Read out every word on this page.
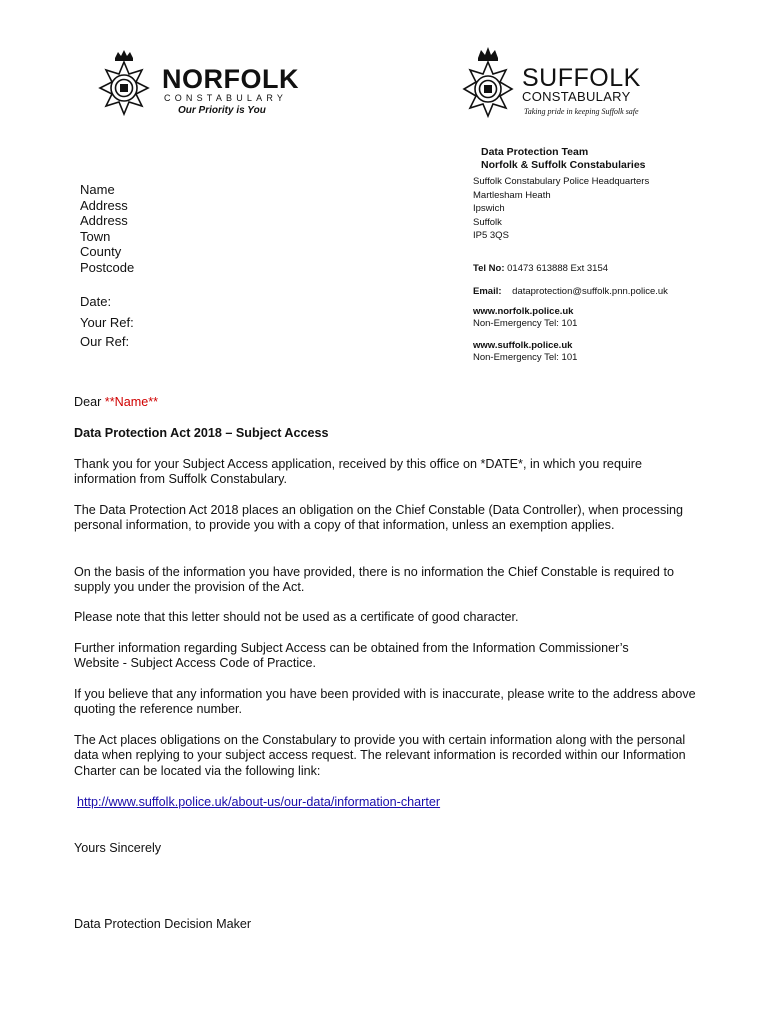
NORFOLK
CONSTABULARY
Our Priority is You
SUFFOLK
CONSTABULARY
Taking pride in keeping Suffolk safe
Data Protection Team
Norfolk & Suffolk Constabularies
Suffolk Constabulary Police Headquarters
Martlesham Heath
Ipswich
Suffolk
IP5 3QS
Tel No: 01473 613888 Ext 3154
Email: dataprotection@suffolk.pnn.police.uk
www.norfolk.police.uk
Non-Emergency Tel: 101
www.suffolk.police.uk
Non-Emergency Tel: 101
Name
Address
Address
Town
County
Postcode
Date:
Your Ref:
Our Ref:
Dear **Name**
Data Protection Act 2018 – Subject Access

Thank you for your Subject Access application, received by this office on *DATE*, in which you require information from Suffolk Constabulary.

The Data Protection Act 2018 places an obligation on the Chief Constable (Data Controller), when processing personal information, to provide you with a copy of that information, unless an exemption applies.

On the basis of the information you have provided, there is no information the Chief Constable is required to supply you under the provision of the Act.

Please note that this letter should not be used as a certificate of good character.

Further information regarding Subject Access can be obtained from the Information Commissioner’s Website - Subject Access Code of Practice.

If you believe that any information you have been provided with is inaccurate, please write to the address above quoting the reference number.

The Act places obligations on the Constabulary to provide you with certain information along with the personal data when replying to your subject access request. The relevant information is recorded within our Information Charter can be located via the following link:

http://www.suffolk.police.uk/about-us/our-data/information-charter
Yours Sincerely
Data Protection Decision Maker
